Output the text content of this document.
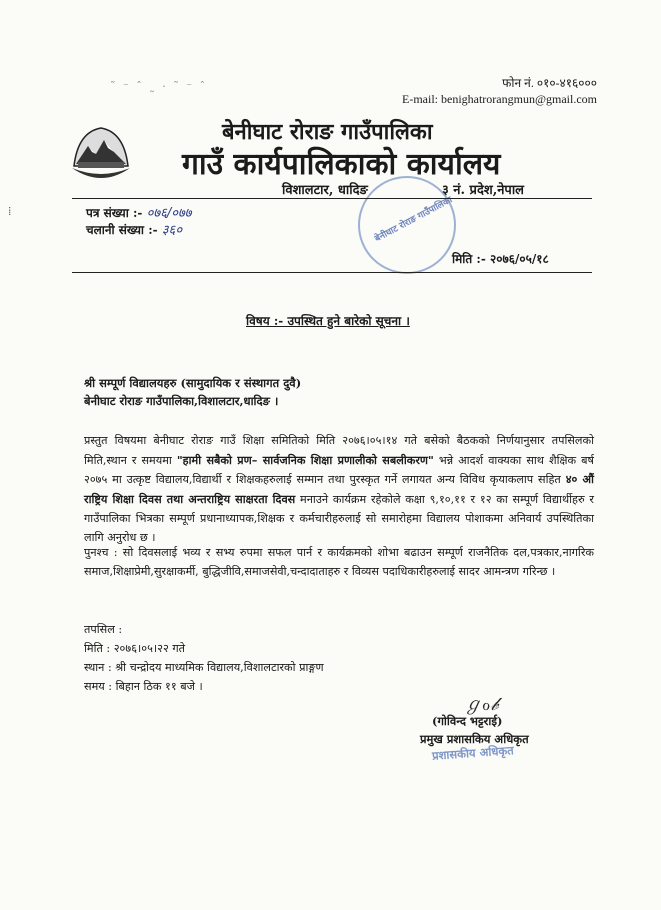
˜ ⁻ ˆ ˷ · ˜ ⁻ ˆ	फोन नं. ०१०-४१६०००
E-mail: benighatrorangmun@gmail.com
बेनीघाट रोराङ गाउँपालिका
गाउँ कार्यपालिकाको कार्यालय
विशालटार, धादिङ	३ नं. प्रदेश,नेपाल
बेनीघाट रोराङ गाउँपालिका
⁞	पत्र संख्या :- ०७६/०७७
चलानी संख्या :- ३६०
मिति :- २०७६/०५/१८
विषय :- उपस्थित हुने बारेको सूचना ।
श्री सम्पूर्ण विद्यालयहरु (सामुदायिक र संस्थागत दुवै)
बेनीघाट रोराङ गाउँपालिका,विशालटार,धादिङ ।
प्रस्तुत विषयमा बेनीघाट रोराङ गाउँ शिक्षा समितिको मिति २०७६।०५।१४ गते बसेको बैठकको निर्णयानुसार तपसिलको मिति,स्थान र समयमा "हामी सबैको प्रण– सार्वजनिक शिक्षा प्रणालीको सबलीकरण" भन्ने आदर्श वाक्यका साथ शैक्षिक बर्ष २०७५ मा उत्कृष्ट विद्यालय,विद्यार्थी र शिक्षकहरुलाई सम्मान तथा पुरस्कृत गर्ने लगायत अन्य विविध कृयाकलाप सहित ४० औं राष्ट्रिय शिक्षा दिवस तथा अन्तराष्ट्रिय साक्षरता दिवस मनाउने कार्यक्रम रहेकोले कक्षा ९,१०,११ र १२ का सम्पूर्ण विद्यार्थीहरु र गाउँपालिका भित्रका सम्पूर्ण प्रधानाध्यापक,शिक्षक र कर्मचारीहरुलाई सो समारोहमा विद्यालय पोशाकमा अनिवार्य उपस्थितिका लागि अनुरोध छ ।
पुनश्च : सो दिवसलाई भव्य र सभ्य रुपमा सफल पार्न र कार्यक्रमको शोभा बढाउन सम्पूर्ण राजनैतिक दल,पत्रकार,नागरिक समाज,शिक्षाप्रेमी,सुरक्षाकर्मी, बुद्धिजीवि,समाजसेवी,चन्दादाताहरु र विव्यस पदाधिकारीहरुलाई सादर आमन्त्रण गरिन्छ ।
तपसिल :
मिति : २०७६।०५।२२ गते
स्थान : श्री चन्द्रोदय माध्यमिक विद्यालय,विशालटारको प्राङ्गण
समय : बिहान ठिक ११ बजे ।
ℊℴ𝒷
(गोविन्द भट्टराई)
प्रमुख प्रशासकिय अधिकृत
प्रशासकीय अधिकृत
